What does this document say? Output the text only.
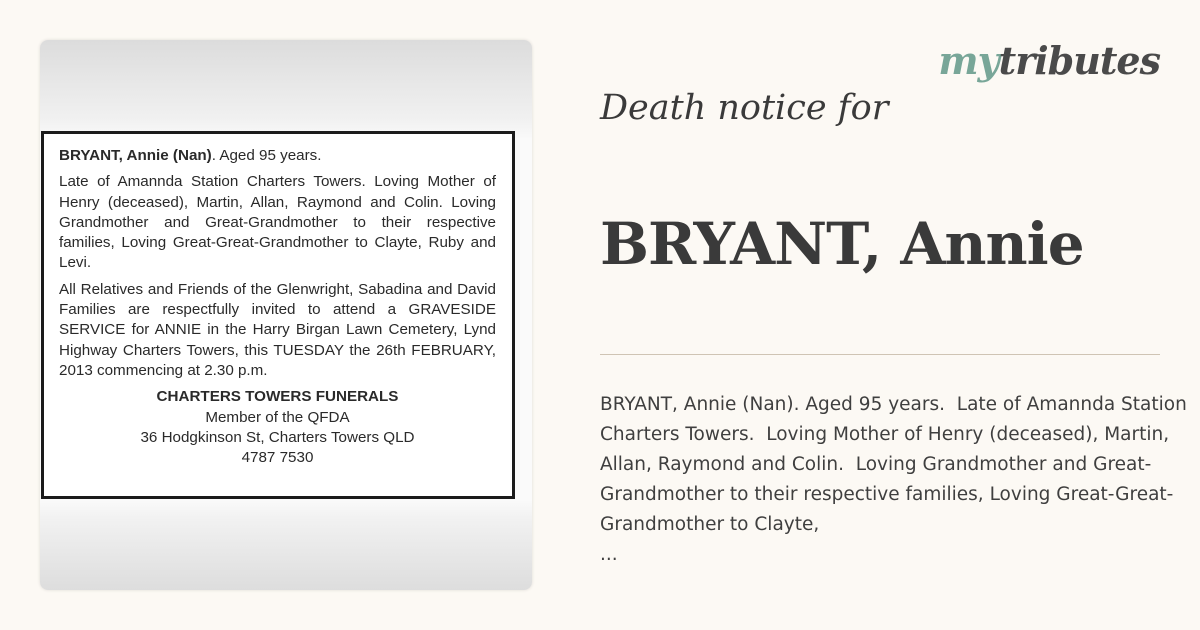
BRYANT, Annie (Nan). Aged 95 years.

Late of Amannda Station Charters Towers. Loving Mother of Henry (deceased), Martin, Allan, Raymond and Colin. Loving Grandmother and Great-Grandmother to their respective families, Loving Great-Great-Grandmother to Clayte, Ruby and Levi.

All Relatives and Friends of the Glenwright, Sabadina and David Families are respectfully invited to attend a GRAVESIDE SERVICE for ANNIE in the Harry Birgan Lawn Cemetery, Lynd Highway Charters Towers, this TUESDAY the 26th FEBRUARY, 2013 commencing at 2.30 p.m.

CHARTERS TOWERS FUNERALS
Member of the QFDA
36 Hodgkinson St, Charters Towers QLD
4787 7530
mytributes
Death notice for
BRYANT, Annie
BRYANT, Annie (Nan). Aged 95 years.  Late of Amannda Station Charters Towers.  Loving Mother of Henry (deceased), Martin, Allan, Raymond and Colin.  Loving Grandmother and Great-Grandmother to their respective families, Loving Great-Great-Grandmother to Clayte,
...
